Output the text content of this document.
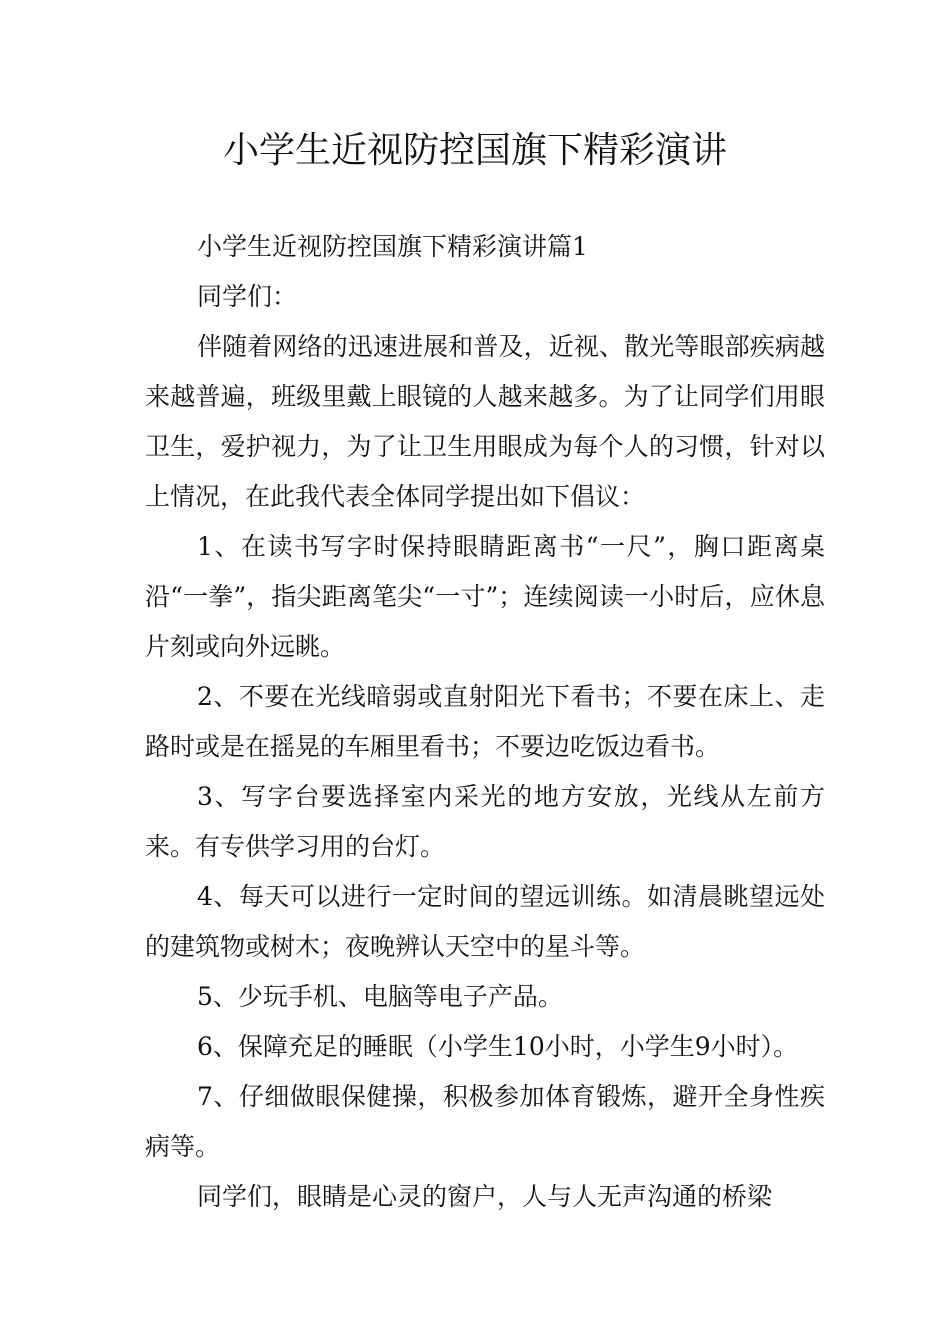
小学生近视防控国旗下精彩演讲

小学生近视防控国旗下精彩演讲篇1

同学们：

伴随着网络的迅速进展和普及，近视、散光等眼部疾病越来越普遍，班级里戴上眼镜的人越来越多。为了让同学们用眼卫生，爱护视力，为了让卫生用眼成为每个人的习惯，针对以上情况，在此我代表全体同学提出如下倡议：

1、在读书写字时保持眼睛距离书“一尺”，胸口距离桌沿“一拳”，指尖距离笔尖“一寸”；连续阅读一小时后，应休息片刻或向外远眺。

2、不要在光线暗弱或直射阳光下看书；不要在床上、走路时或是在摇晃的车厢里看书；不要边吃饭边看书。

3、写字台要选择室内采光的地方安放，光线从左前方来。有专供学习用的台灯。

4、每天可以进行一定时间的望远训练。如清晨眺望远处的建筑物或树木；夜晚辨认天空中的星斗等。

5、少玩手机、电脑等电子产品。

6、保障充足的睡眠（小学生10小时，小学生9小时）。

7、仔细做眼保健操，积极参加体育锻炼，避开全身性疾病等。

同学们，眼睛是心灵的窗户，人与人无声沟通的桥梁
